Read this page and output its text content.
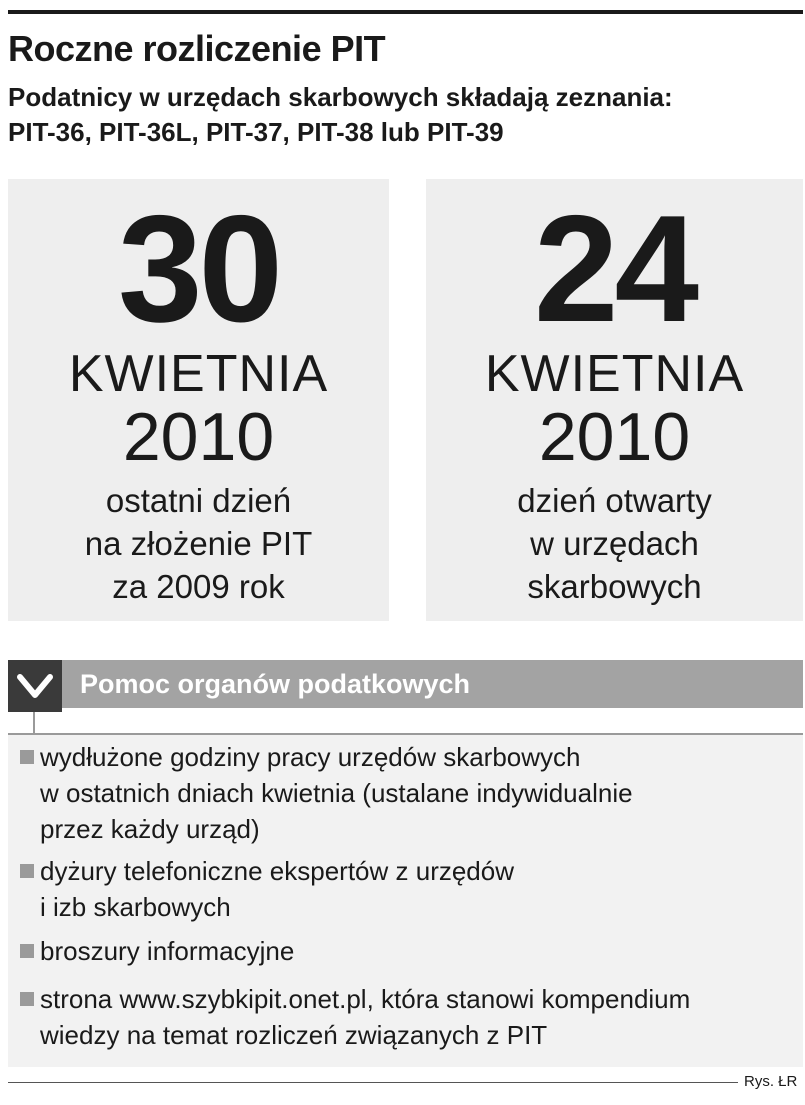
Roczne rozliczenie PIT
Podatnicy w urzędach skarbowych składają zeznania:
PIT-36, PIT-36L, PIT-37, PIT-38 lub PIT-39
30
KWIETNIA
2010
ostatni dzień
na złożenie PIT
za 2009 rok
24
KWIETNIA
2010
dzień otwarty
w urzędach
skarbowych
Pomoc organów podatkowych
wydłużone godziny pracy urzędów skarbowych
w ostatnich dniach kwietnia (ustalane indywidualnie
przez każdy urząd)
dyżury telefoniczne ekspertów z urzędów
i izb skarbowych
broszury informacyjne
strona www.szybkipit.onet.pl, która stanowi kompendium
wiedzy na temat rozliczeń związanych z PIT
Rys. ŁR
